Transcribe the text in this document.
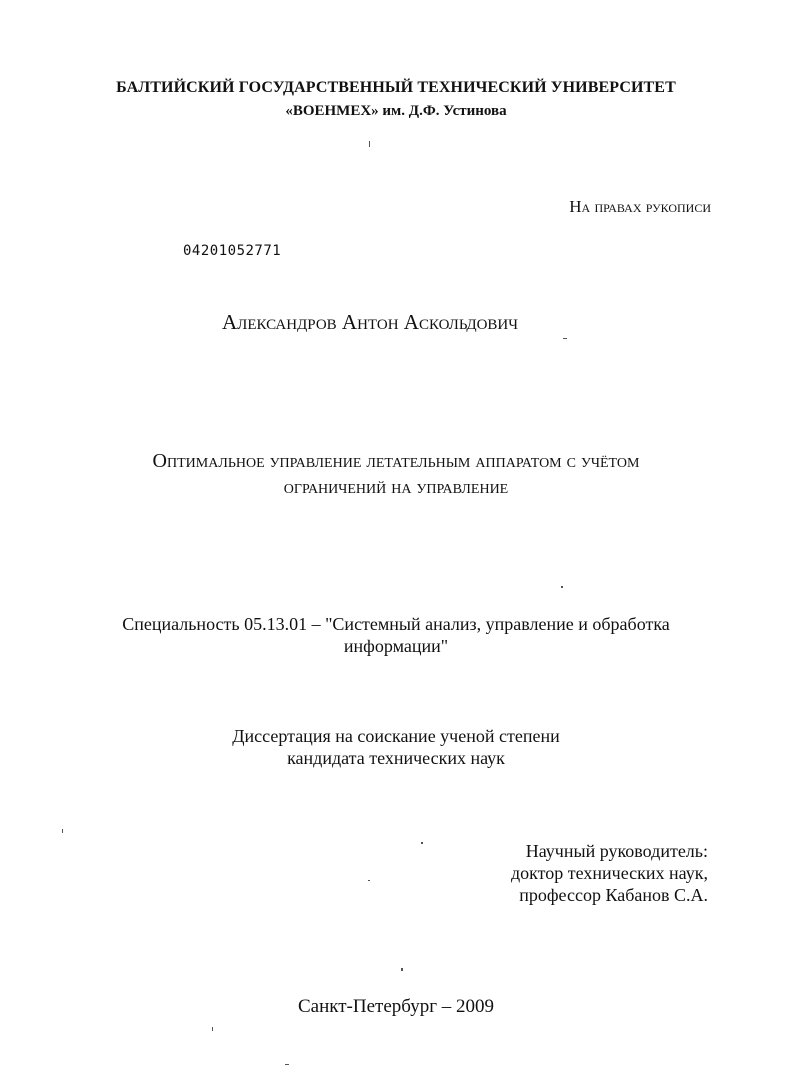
БАЛТИЙСКИЙ ГОСУДАРСТВЕННЫЙ ТЕХНИЧЕСКИЙ УНИВЕРСИТЕТ
«ВОЕНМЕХ» им. Д.Ф. Устинова
На правах рукописи
04201052771
Александров Антон Аскольдович
Оптимальное управление летательным аппаратом с учётом
ограничений на управление
Специальность 05.13.01 – "Системный анализ, управление и обработка
информации"
Диссертация на соискание ученой степени
кандидата технических наук
Научный руководитель:
доктор технических наук,
профессор Кабанов С.А.
Санкт-Петербург – 2009
